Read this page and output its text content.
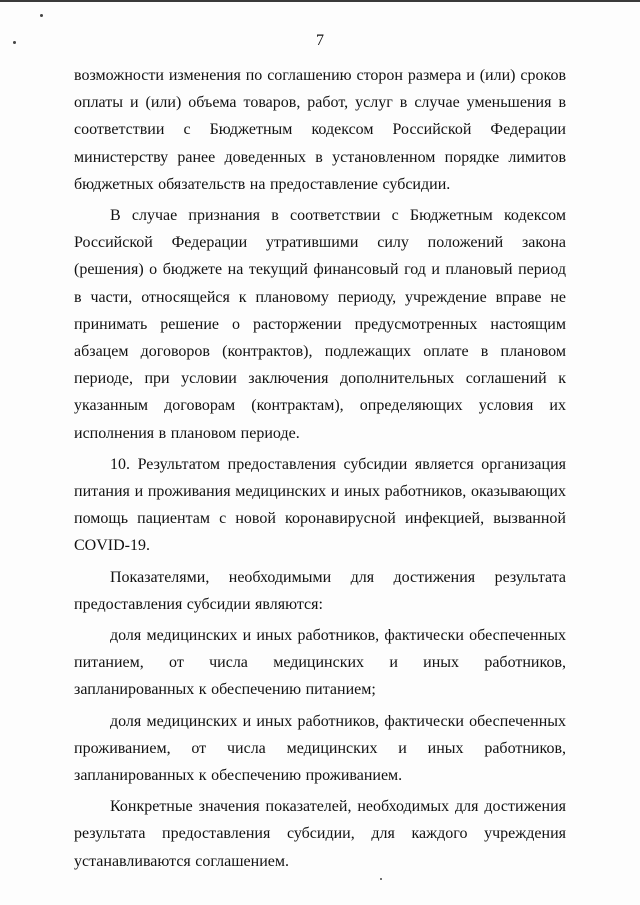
7

возможности изменения по соглашению сторон размера и (или) сроков оплаты и (или) объема товаров, работ, услуг в случае уменьшения в соответствии с Бюджетным кодексом Российской Федерации министерству ранее доведенных в установленном порядке лимитов бюджетных обязательств на предоставление субсидии.

В случае признания в соответствии с Бюджетным кодексом Российской Федерации утратившими силу положений закона (решения) о бюджете на текущий финансовый год и плановый период в части, относящейся к плановому периоду, учреждение вправе не принимать решение о расторжении предусмотренных настоящим абзацем договоров (контрактов), подлежащих оплате в плановом периоде, при условии заключения дополнительных соглашений к указанным договорам (контрактам), определяющих условия их исполнения в плановом периоде.

10. Результатом предоставления субсидии является организация питания и проживания медицинских и иных работников, оказывающих помощь пациентам с новой коронавирусной инфекцией, вызванной COVID-19.

Показателями, необходимыми для достижения результата предоставления субсидии являются:

доля медицинских и иных работников, фактически обеспеченных питанием, от числа медицинских и иных работников, запланированных к обеспечению питанием;

доля медицинских и иных работников, фактически обеспеченных проживанием, от числа медицинских и иных работников, запланированных к обеспечению проживанием.

Конкретные значения показателей, необходимых для достижения результата предоставления субсидии, для каждого учреждения устанавливаются соглашением.
